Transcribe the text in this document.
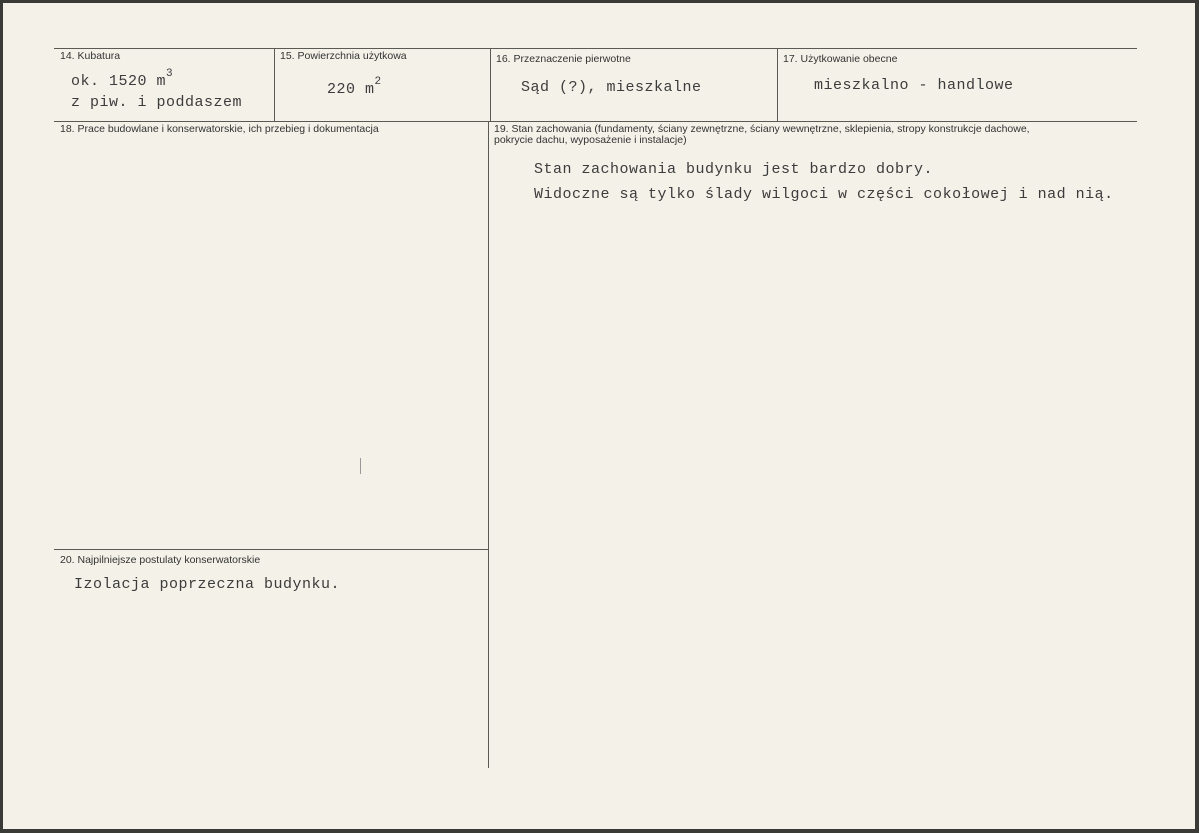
14. Kubatura
ok. 1520 $m^3$
z piw. i poddaszem
15. Powierzchnia użytkowa
220 $m^2$
16. Przeznaczenie pierwotne
Sąd (?), mieszkalne
17. Użytkowanie obecne
mieszkalno - handlowe
18. Prace budowlane i konserwatorskie, ich przebieg i dokumentacja	19. Stan zachowania (fundamenty, ściany zewnętrzne, ściany wewnętrzne, sklepienia, stropy konstrukcje dachowe, pokrycie dachu, wyposażenie i instalacje)
Stan zachowania budynku jest bardzo dobry.
Widoczne są tylko ślady wilgoci w części cokołowej i nad nią.
20. Najpilniejsze postulaty konserwatorskie
Izolacja poprzeczna budynku.
